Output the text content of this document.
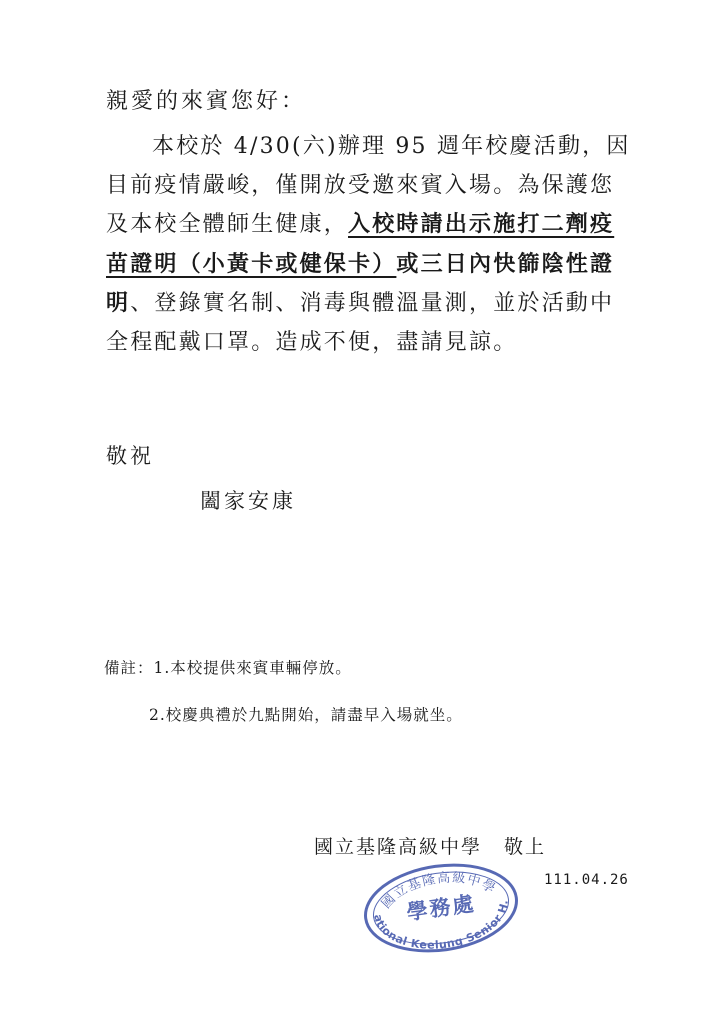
親愛的來賓您好：
本校於 4/30(六)辦理 95 週年校慶活動，因
目前疫情嚴峻，僅開放受邀來賓入場。為保護您
及本校全體師生健康，入校時請出示施打二劑疫
苗證明（小黃卡或健保卡）或三日內快篩陰性證
明、登錄實名制、消毒與體溫量測，並於活動中
全程配戴口罩。造成不便，盡請見諒。
敬祝
闔家安康
備註：1.本校提供來賓車輛停放。
2.校慶典禮於九點開始，請盡早入場就坐。
國立基隆高級中學 敬上
111.04.26
國立基隆高級中學
學務處
National Keelung Senior H.S.
